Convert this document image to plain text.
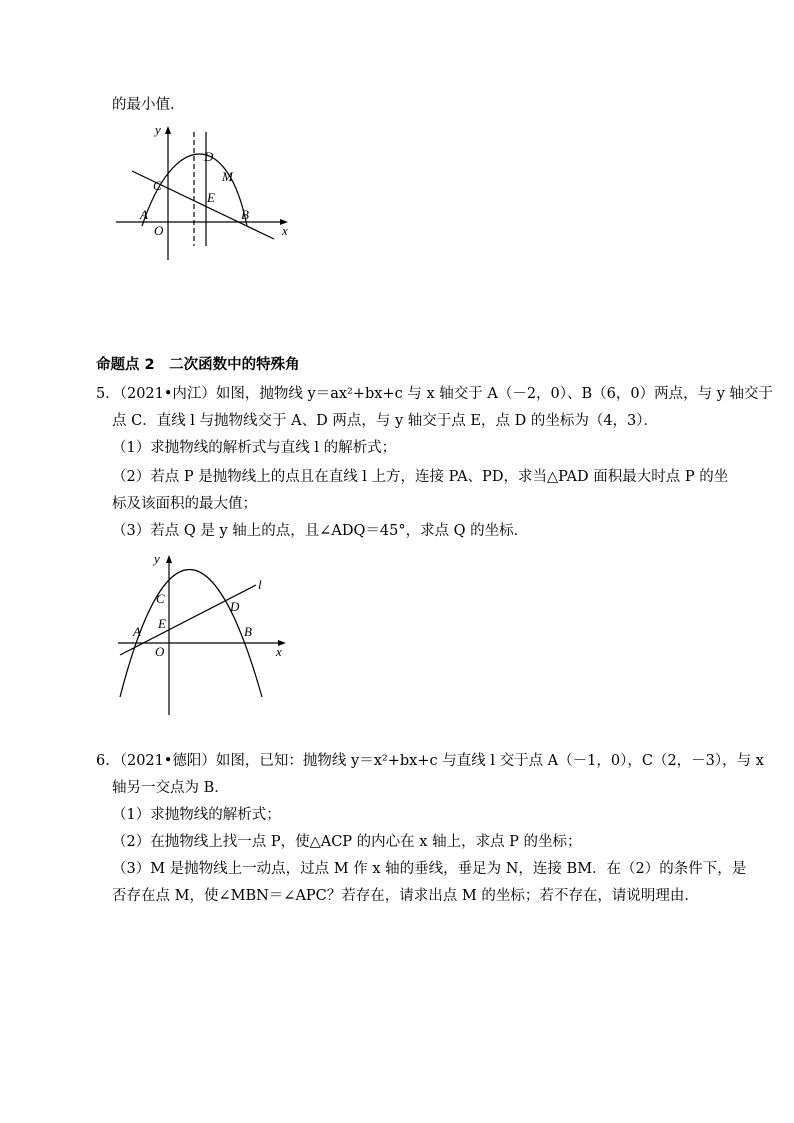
的最小值．
y
x
O
A	B
C
D
E
M
命题点 2　二次函数中的特殊角
5．（2021•内江）如图，抛物线 y＝ax²+bx+c 与 x 轴交于 A（－2，0）、B（6，0）两点，与 y 轴交于
点 C．直线 l 与抛物线交于 A、D 两点，与 y 轴交于点 E，点 D 的坐标为（4，3）．
（1）求抛物线的解析式与直线 l 的解析式；
（2）若点 P 是抛物线上的点且在直线 l 上方，连接 PA、PD，求当△PAD 面积最大时点 P 的坐
标及该面积的最大值；
（3）若点 Q 是 y 轴上的点，且∠ADQ＝45°，求点 Q 的坐标．
y
x
l
O
A	B
C
D
E
6．（2021•德阳）如图，已知：抛物线 y＝x²+bx+c 与直线 l 交于点 A（－1，0），C（2，－3），与 x
轴另一交点为 B．
（1）求抛物线的解析式；
（2）在抛物线上找一点 P，使△ACP 的内心在 x 轴上，求点 P 的坐标；
（3）M 是抛物线上一动点，过点 M 作 x 轴的垂线，垂足为 N，连接 BM．在（2）的条件下，是
否存在点 M，使∠MBN＝∠APC？若存在，请求出点 M 的坐标；若不存在，请说明理由．
